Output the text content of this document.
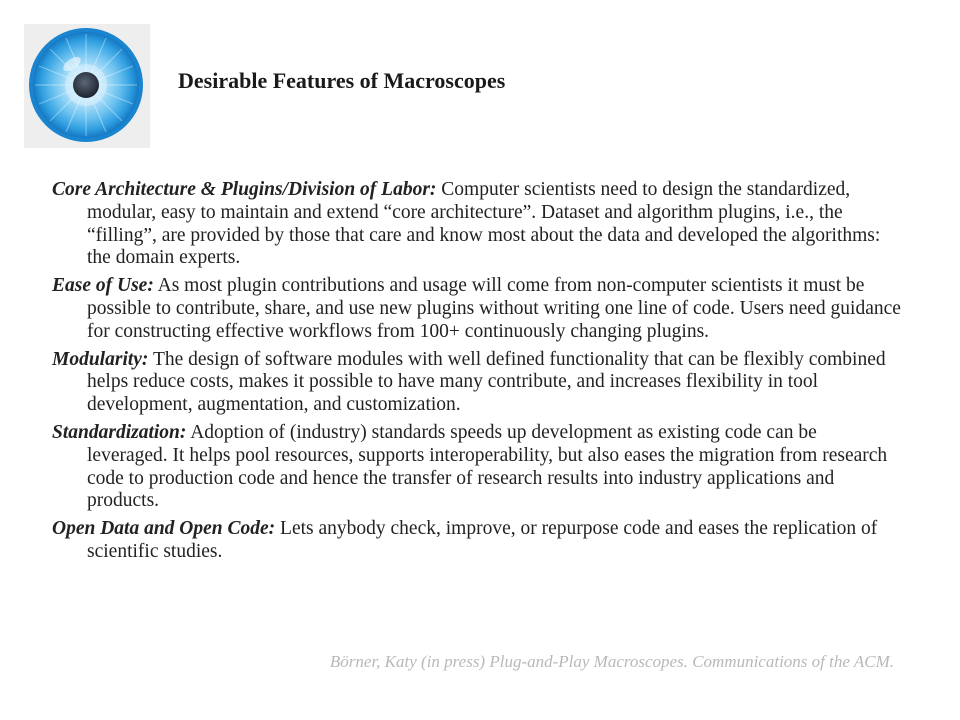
Desirable Features of Macroscopes

Core Architecture & Plugins/Division of Labor: Computer scientists need to design the standardized, modular, easy to maintain and extend “core architecture”. Dataset and algorithm plugins, i.e., the “filling”, are provided by those that care and know most about the data and developed the algorithms: the domain experts.

Ease of Use: As most plugin contributions and usage will come from non-computer scientists it must be possible to contribute, share, and use new plugins without writing one line of code. Users need guidance for constructing effective workflows from 100+ continuously changing plugins.

Modularity: The design of software modules with well defined functionality that can be flexibly combined helps reduce costs, makes it possible to have many contribute, and increases flexibility in tool development, augmentation, and customization.

Standardization: Adoption of (industry) standards speeds up development as existing code can be leveraged. It helps pool resources, supports interoperability, but also eases the migration from research code to production code and hence the transfer of research results into industry applications and products.

Open Data and Open Code: Lets anybody check, improve, or repurpose code and eases the replication of scientific studies.

Börner, Katy (in press) Plug-and-Play Macroscopes. Communications of the ACM.
